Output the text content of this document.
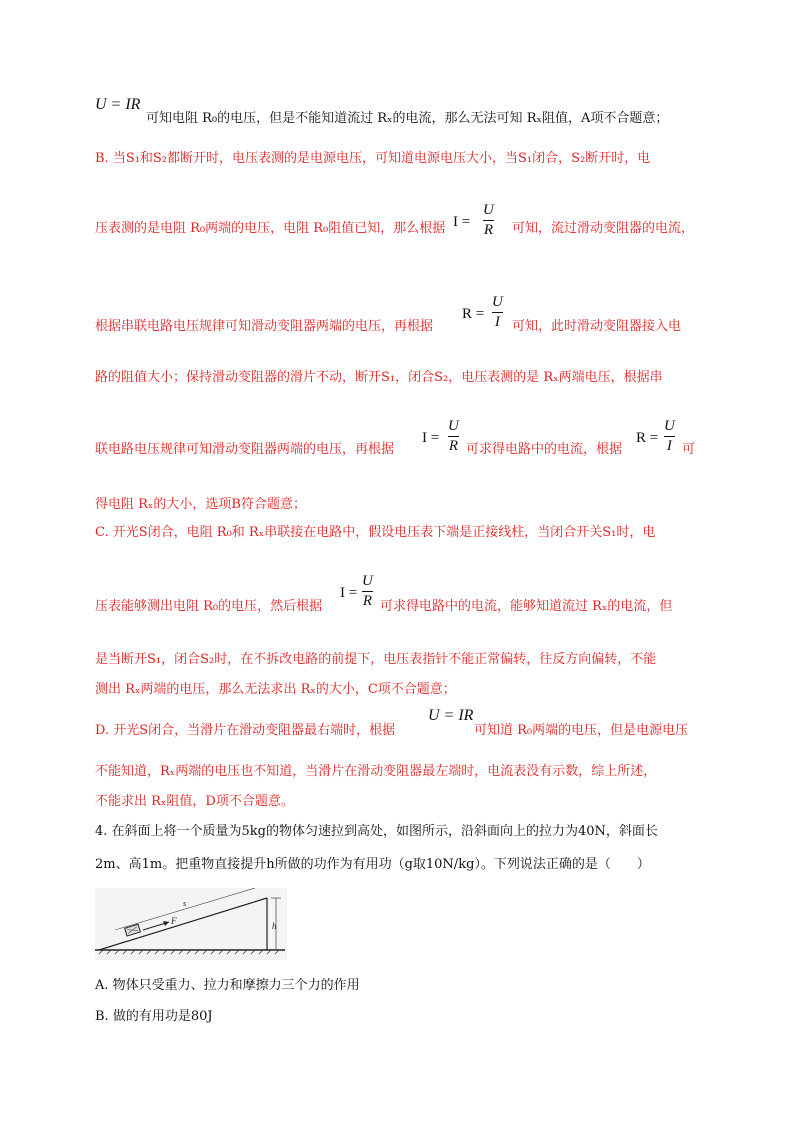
U = IR
可知电阻 R₀的电压，但是不能知道流过 Rₓ的电流，那么无法可知 Rₓ阻值，A项不合题意；
B. 当S₁和S₂都断开时，电压表测的是电源电压，可知道电源电压大小，当S₁闭合，S₂断开时，电
压表测的是电阻 R₀两端的电压，电阻 R₀阻值已知，那么根据 I =
U
R 可知，流过滑动变阻器的电流，
根据串联电路电压规律可知滑动变阻器两端的电压，再根据
R =
U
I 可知，此时滑动变阻器接入电
路的阻值大小；保持滑动变阻器的滑片不动，断开S₁，闭合S₂，电压表测的是 Rₓ两端电压，根据串
联电路电压规律可知滑动变阻器两端的电压，再根据
I =
U
R 可求得电路中的电流，根据
R =
U
I 可
得电阻 Rₓ的大小，选项B符合题意；
C. 开光S闭合，电阻 R₀和 Rₓ串联接在电路中，假设电压表下端是正接线柱，当闭合开关S₁时，电
压表能够测出电阻 R₀的电压，然后根据
I =
U
R 可求得电路中的电流，能够知道流过 Rₓ的电流，但
是当断开S₁，闭合S₂时，在不拆改电路的前提下，电压表指针不能正常偏转，往反方向偏转，不能
测出 Rₓ两端的电压，那么无法求出 Rₓ的大小，C项不合题意；
D. 开光S闭合，当滑片在滑动变阻器最右端时，根据
U = IR
可知道 R₀两端的电压，但是电源电压
不能知道，Rₓ两端的电压也不知道，当滑片在滑动变阻器最左端时，电流表没有示数，综上所述，
不能求出 Rₓ阻值，D项不合题意。
4. 在斜面上将一个质量为5kg的物体匀速拉到高处，如图所示，沿斜面向上的拉力为40N，斜面长
2m、高1m。把重物直接提升h所做的功作为有用功（g取10N/kg）。下列说法正确的是（　　）
F
s
h
A. 物体只受重力、拉力和摩擦力三个力的作用
B. 做的有用功是80J
